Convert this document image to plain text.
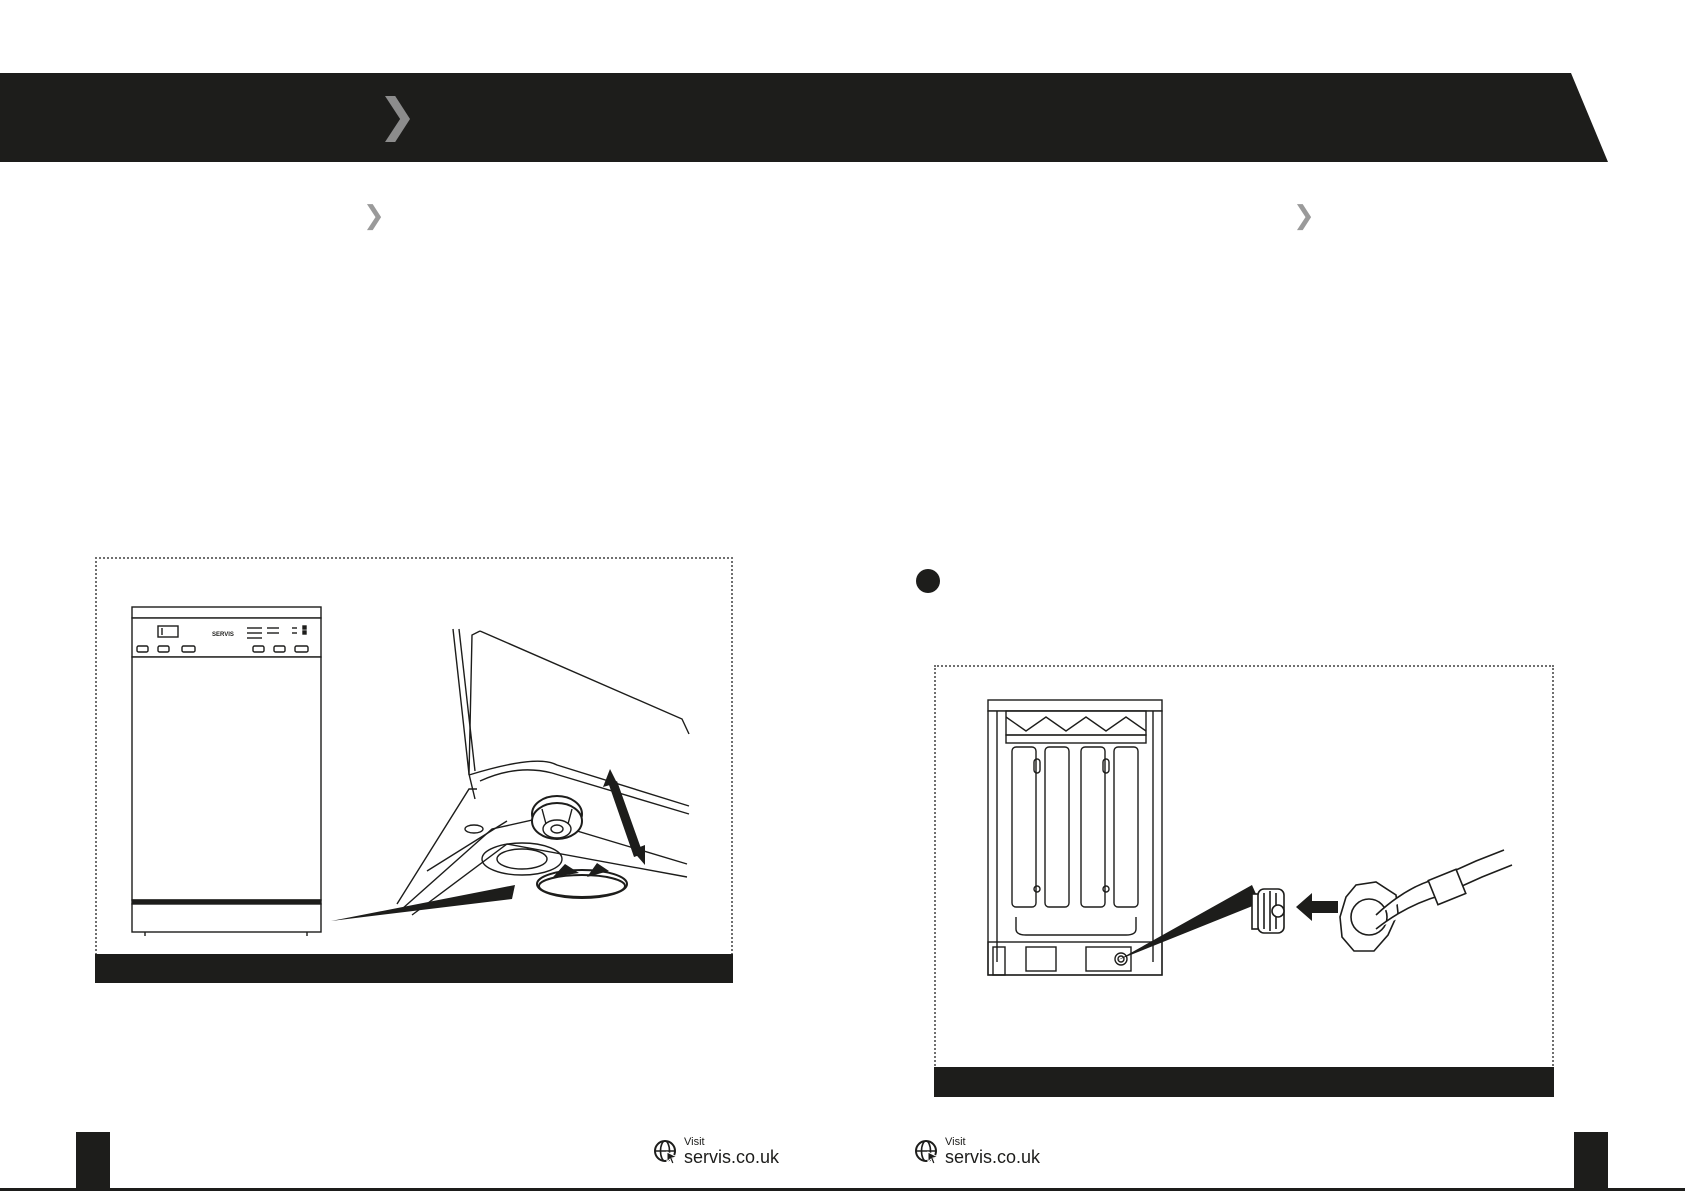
❯
❯	❯
SERVIS
Visit
servis.co.uk
Visit
servis.co.uk
